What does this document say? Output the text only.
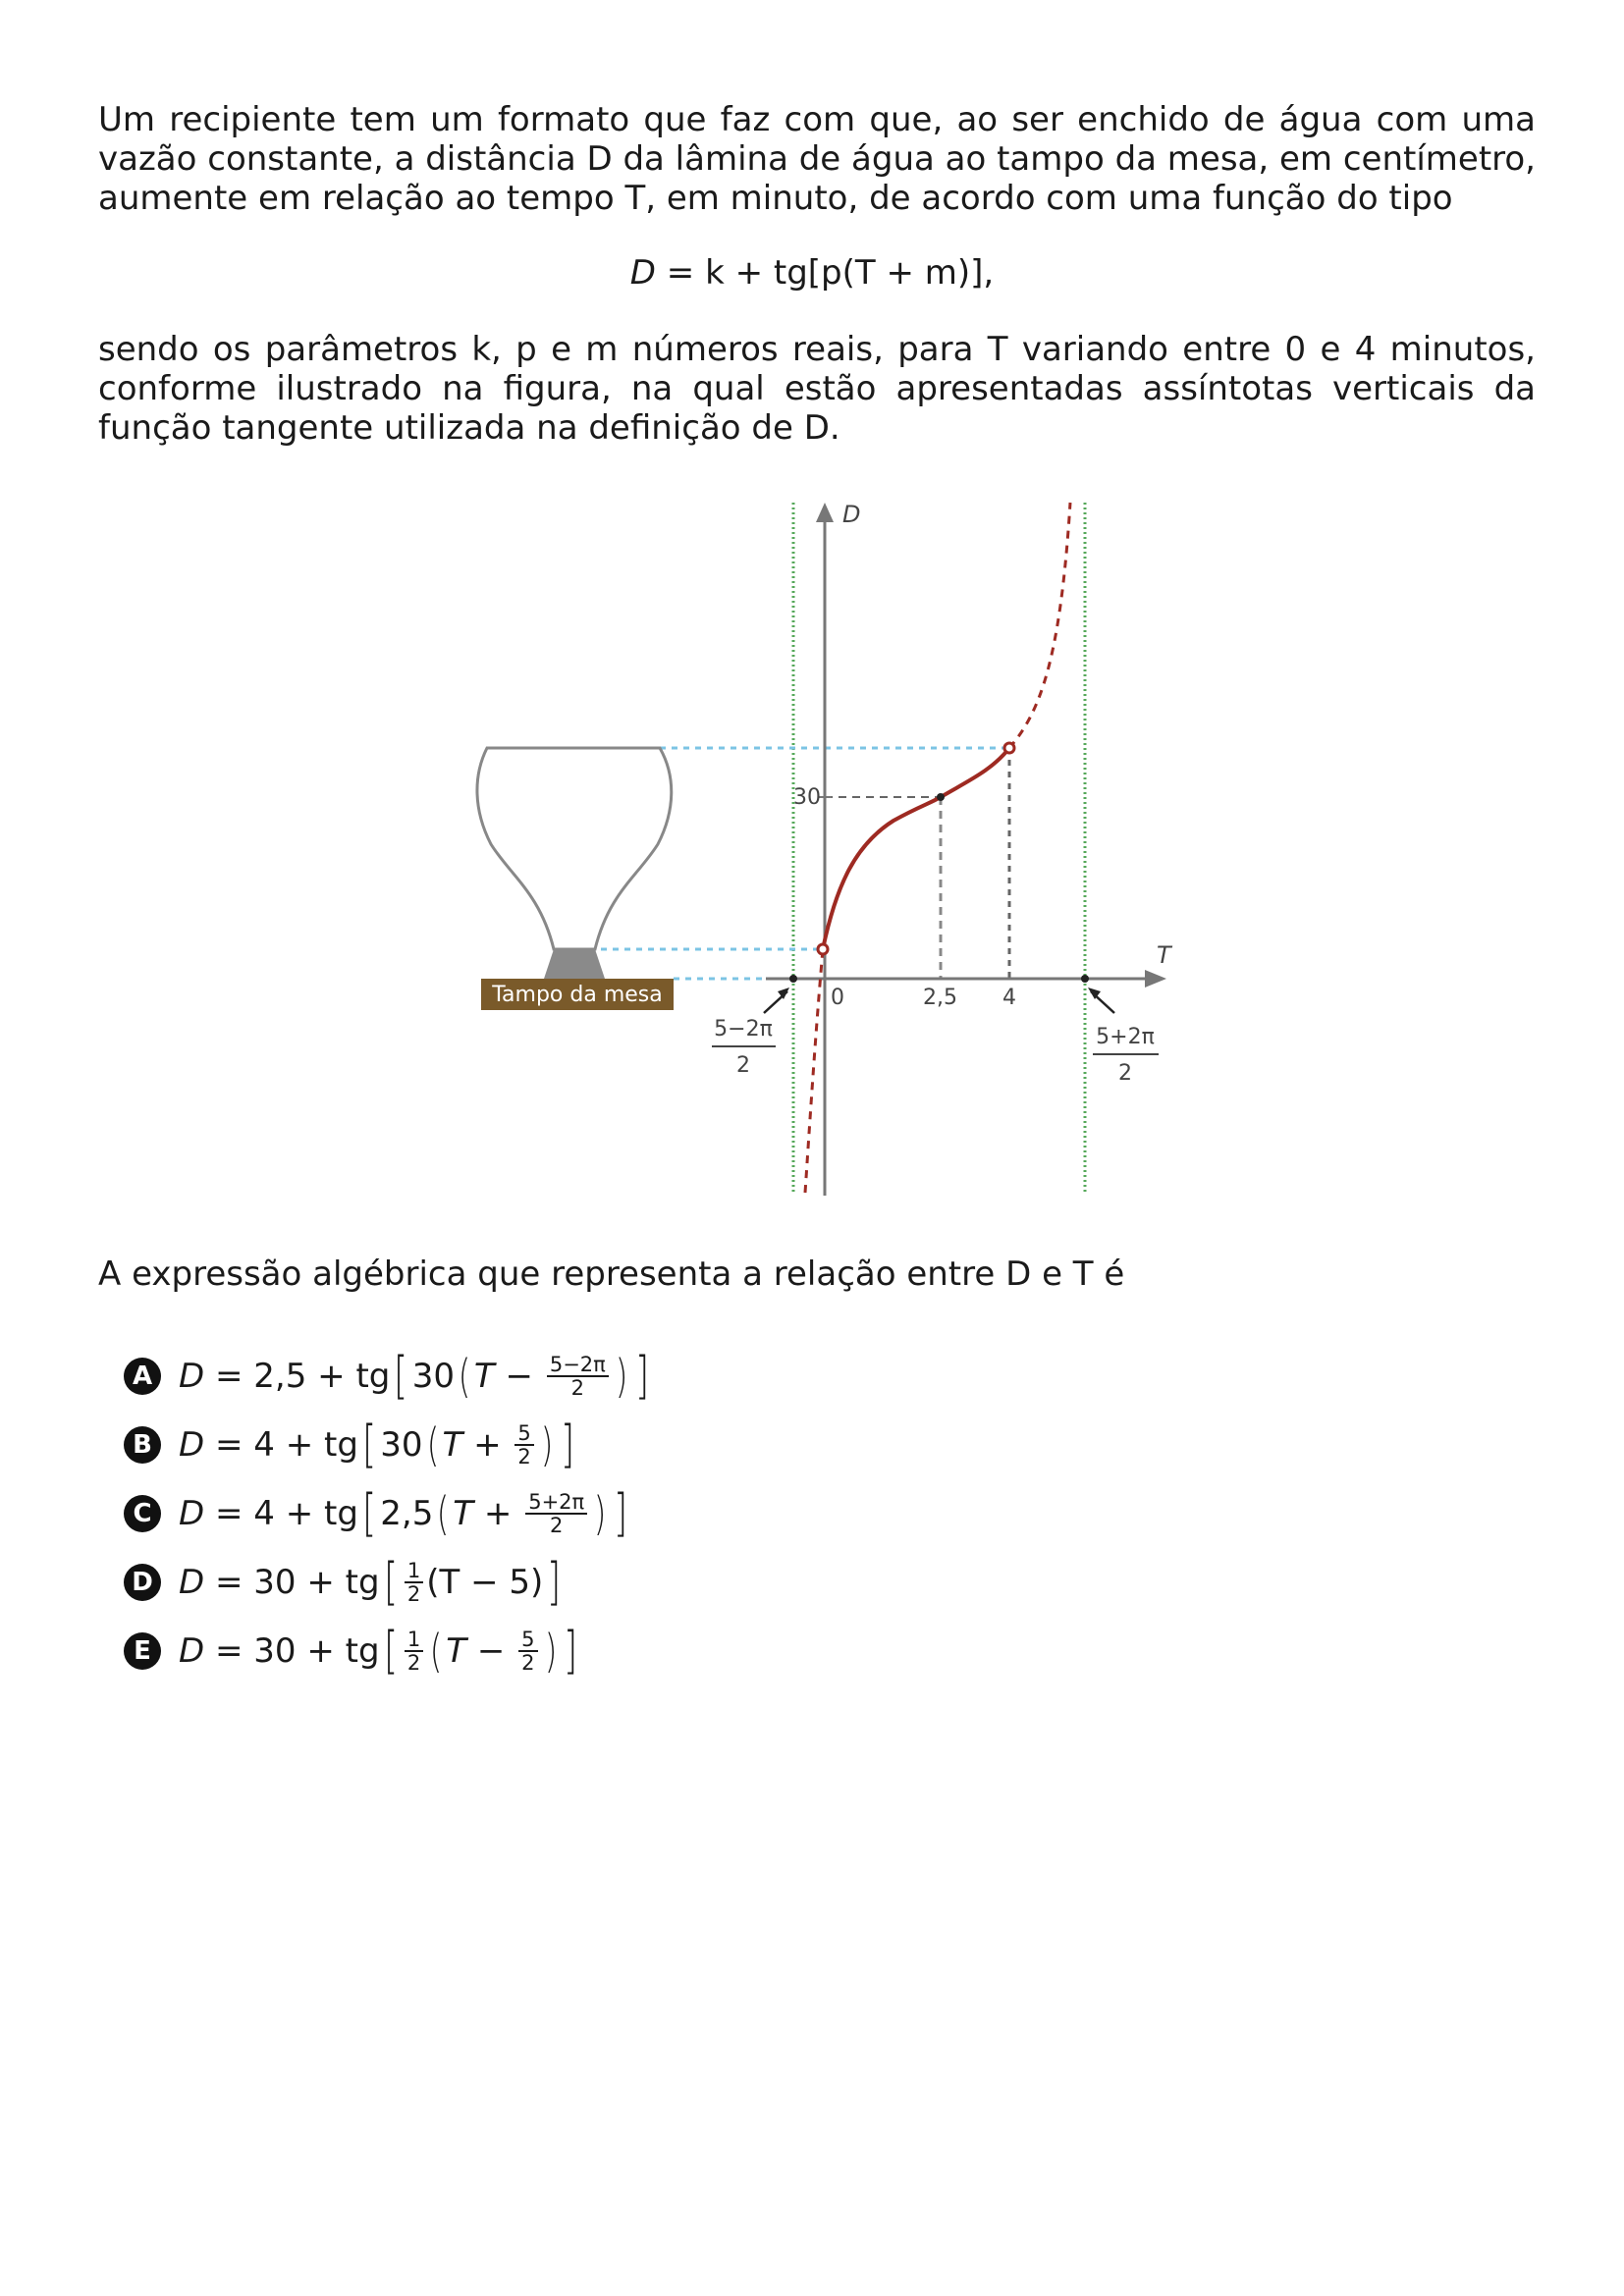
Um recipiente tem um formato que faz com que, ao ser enchido de água com uma vazão constante, a distância D da lâmina de água ao tampo da mesa, em centímetro, aumente em relação ao tempo T, em minuto, de acordo com uma função do tipo
D = k + tg[p(T + m)],
sendo os parâmetros k, p e m números reais, para T variando entre 0 e 4 minutos, conforme ilustrado na figura, na qual estão apresentadas assíntotas verticais da função tangente utilizada na definição de D.
Tampo da mesa
D
T
30
0	2,5 4
5−2π
2
5+2π
2
A expressão algébrica que representa a relação entre D e T é
A D = 2,5 + tg [ 30 ( T
−
$\frac{5-2\pi}{2}$ ) ]
B D = 4 + tg [ 30 ( T
+
$\frac{5}{2}$ ) ]
C D = 4 + tg [ 2,5 ( T
+
$\frac{5+2\pi}{2}$ ) ]
D D = 30 + tg [ $\frac{1}{2} (T - 5)$ ]
E D = 30 + tg [ $\frac{1}{2}$ ( T
−
$\frac{5}{2}$ ) ]
